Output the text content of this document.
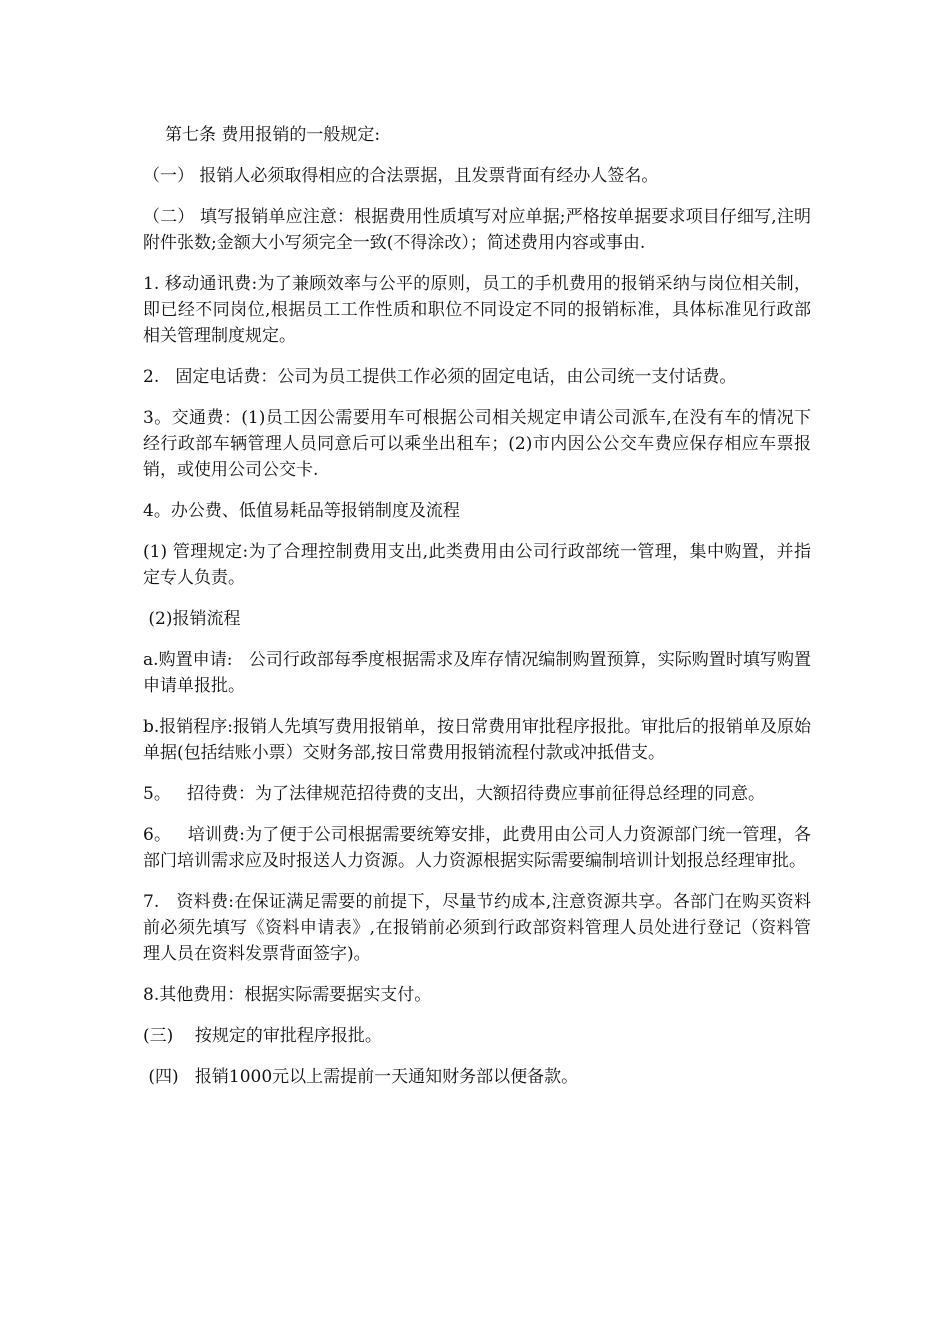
第七条 费用报销的一般规定:

（一） 报销人必须取得相应的合法票据，且发票背面有经办人签名。

（二） 填写报销单应注意：根据费用性质填写对应单据;严格按单据要求项目仔细写,注明附件张数;金额大小写须完全一致(不得涂改）；简述费用内容或事由.

1. 移动通讯费:为了兼顾效率与公平的原则，员工的手机费用的报销采纳与岗位相关制，即已经不同岗位,根据员工工作性质和职位不同设定不同的报销标准，具体标准见行政部相关管理制度规定。

2.   固定电话费：公司为员工提供工作必须的固定电话，由公司统一支付话费。

3。交通费：(1)员工因公需要用车可根据公司相关规定申请公司派车,在没有车的情况下经行政部车辆管理人员同意后可以乘坐出租车；(2)市内因公公交车费应保存相应车票报销，或使用公司公交卡.

4。办公费、低值易耗品等报销制度及流程

(1) 管理规定:为了合理控制费用支出,此类费用由公司行政部统一管理，集中购置，并指定专人负责。

(2)报销流程

a.购置申请:   公司行政部每季度根据需求及库存情况编制购置预算，实际购置时填写购置申请单报批。

b.报销程序:报销人先填写费用报销单，按日常费用审批程序报批。审批后的报销单及原始单据(包括结账小票）交财务部,按日常费用报销流程付款或冲抵借支。

5。   招待费：为了法律规范招待费的支出，大额招待费应事前征得总经理的同意。

6。   培训费:为了便于公司根据需要统筹安排，此费用由公司人力资源部门统一管理，各部门培训需求应及时报送人力资源。人力资源根据实际需要编制培训计划报总经理审批。

7.   资料费:在保证满足需要的前提下，尽量节约成本,注意资源共享。各部门在购买资料前必须先填写《资料申请表》,在报销前必须到行政部资料管理人员处进行登记（资料管理人员在资料发票背面签字)。

8.其他费用：根据实际需要据实支付。

(三)    按规定的审批程序报批。

(四)   报销1000元以上需提前一天通知财务部以便备款。
